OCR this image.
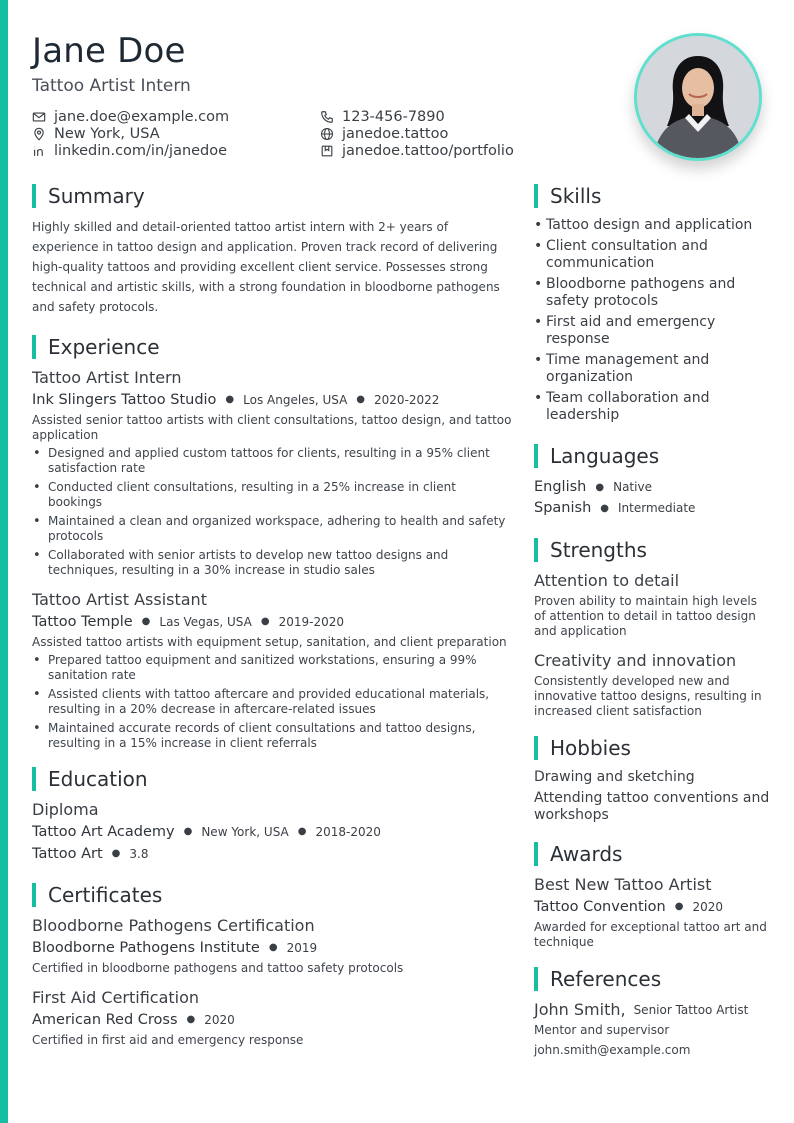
Jane Doe
Tattoo Artist Intern
jane.doe@example.com	123-456-7890
New York, USA	janedoe.tattoo
linkedin.com/in/janedoe	janedoe.tattoo/portfolio
Summary
Highly skilled and detail-oriented tattoo artist intern with 2+ years of experience in tattoo design and application. Proven track record of delivering high-quality tattoos and providing excellent client service. Possesses strong technical and artistic skills, with a strong foundation in bloodborne pathogens and safety protocols.
Experience
Tattoo Artist Intern
Ink Slingers Tattoo Studio ● Los Angeles, USA ● 2020-2022
Assisted senior tattoo artists with client consultations, tattoo design, and tattoo application
• Designed and applied custom tattoos for clients, resulting in a 95% client satisfaction rate
• Conducted client consultations, resulting in a 25% increase in client bookings
• Maintained a clean and organized workspace, adhering to health and safety protocols
• Collaborated with senior artists to develop new tattoo designs and techniques, resulting in a 30% increase in studio sales
Tattoo Artist Assistant
Tattoo Temple ● Las Vegas, USA ● 2019-2020
Assisted tattoo artists with equipment setup, sanitation, and client preparation
• Prepared tattoo equipment and sanitized workstations, ensuring a 99% sanitation rate
• Assisted clients with tattoo aftercare and provided educational materials, resulting in a 20% decrease in aftercare-related issues
• Maintained accurate records of client consultations and tattoo designs, resulting in a 15% increase in client referrals
Education
Diploma
Tattoo Art Academy ● New York, USA ● 2018-2020
Tattoo Art ● 3.8
Certificates
Bloodborne Pathogens Certification
Bloodborne Pathogens Institute ● 2019
Certified in bloodborne pathogens and tattoo safety protocols
First Aid Certification
American Red Cross ● 2020
Certified in first aid and emergency response
Skills
• Tattoo design and application
• Client consultation and communication
• Bloodborne pathogens and safety protocols
• First aid and emergency response
• Time management and organization
• Team collaboration and leadership
Languages
English ● Native
Spanish ● Intermediate
Strengths
Attention to detail
Proven ability to maintain high levels of attention to detail in tattoo design and application
Creativity and innovation
Consistently developed new and innovative tattoo designs, resulting in increased client satisfaction
Hobbies
Drawing and sketching
Attending tattoo conventions and workshops
Awards
Best New Tattoo Artist
Tattoo Convention ● 2020
Awarded for exceptional tattoo art and technique
References
John Smith, Senior Tattoo Artist
Mentor and supervisor
john.smith@example.com
